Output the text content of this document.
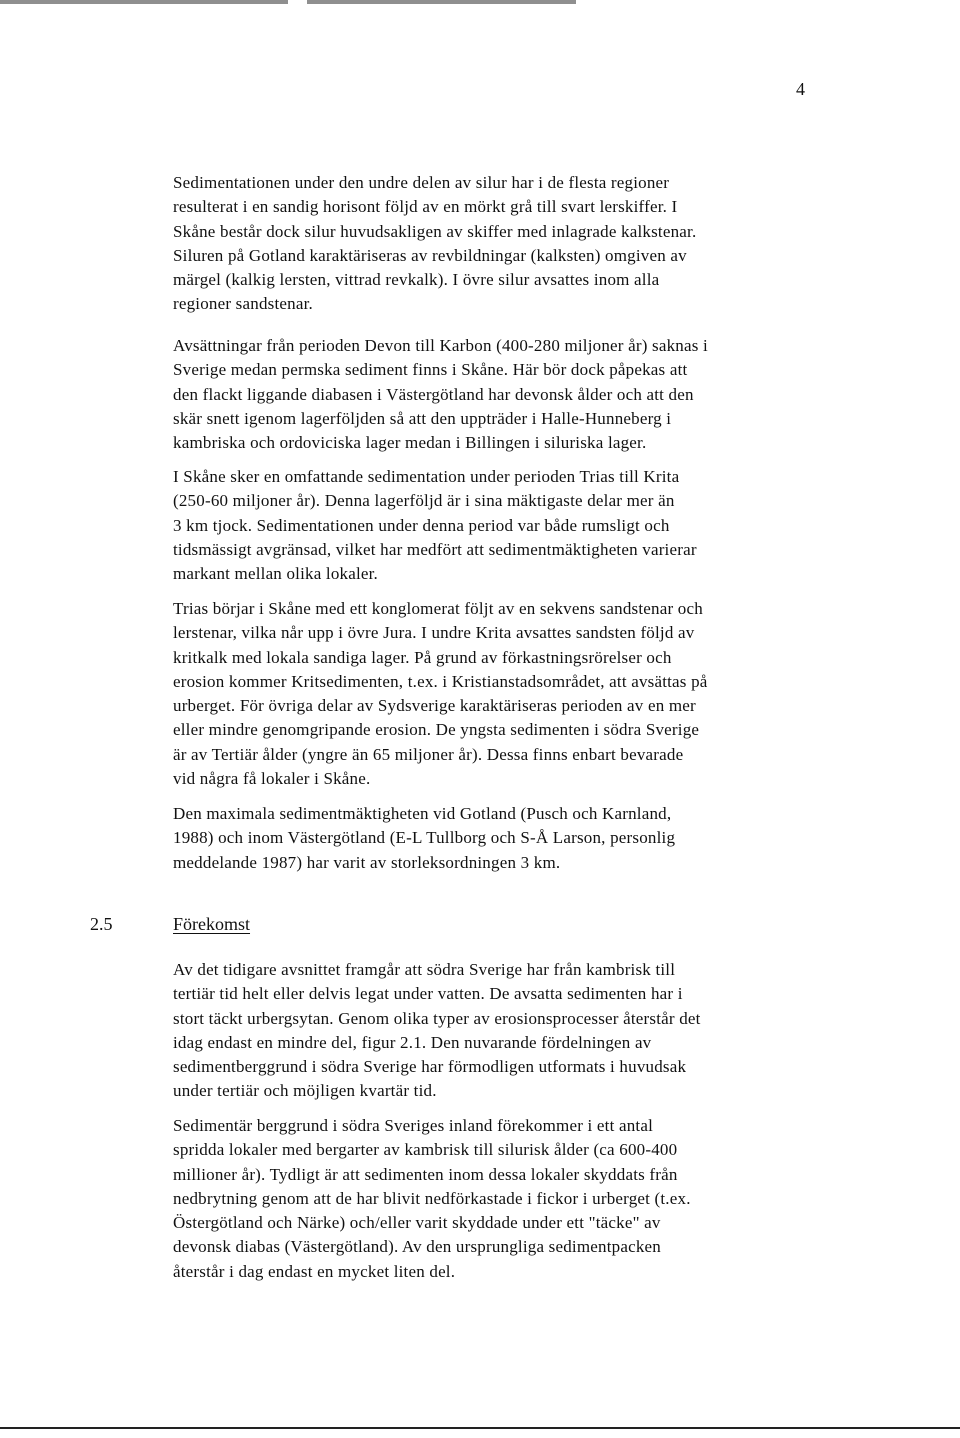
4

Sedimentationen under den undre delen av silur har i de flesta regioner
resulterat i en sandig horisont följd av en mörkt grå till svart lerskiffer. I
Skåne består dock silur huvudsakligen av skiffer med inlagrade kalkstenar.
Siluren på Gotland karaktäriseras av revbildningar (kalksten) omgiven av
märgel (kalkig lersten, vittrad revkalk). I övre silur avsattes inom alla
regioner sandstenar.

Avsättningar från perioden Devon till Karbon (400-280 miljoner år) saknas i
Sverige medan permska sediment finns i Skåne. Här bör dock påpekas att
den flackt liggande diabasen i Västergötland har devonsk ålder och att den
skär snett igenom lagerföljden så att den uppträder i Halle-Hunneberg i
kambriska och ordoviciska lager medan i Billingen i siluriska lager.

I Skåne sker en omfattande sedimentation under perioden Trias till Krita
(250-60 miljoner år). Denna lagerföljd är i sina mäktigaste delar mer än
3 km tjock. Sedimentationen under denna period var både rumsligt och
tidsmässigt avgränsad, vilket har medfört att sedimentmäktigheten varierar
markant mellan olika lokaler.

Trias börjar i Skåne med ett konglomerat följt av en sekvens sandstenar och
lerstenar, vilka når upp i övre Jura. I undre Krita avsattes sandsten följd av
kritkalk med lokala sandiga lager. På grund av förkastningsrörelser och
erosion kommer Kritsedimenten, t.ex. i Kristianstadsområdet, att avsättas på
urberget. För övriga delar av Sydsverige karaktäriseras perioden av en mer
eller mindre genomgripande erosion. De yngsta sedimenten i södra Sverige
är av Tertiär ålder (yngre än 65 miljoner år). Dessa finns enbart bevarade
vid några få lokaler i Skåne.

Den maximala sedimentmäktigheten vid Gotland (Pusch och Karnland,
1988) och inom Västergötland (E-L Tullborg och S-Å Larson, personlig
meddelande 1987) har varit av storleksordningen 3 km.

2.5	Förekomst

Av det tidigare avsnittet framgår att södra Sverige har från kambrisk till
tertiär tid helt eller delvis legat under vatten. De avsatta sedimenten har i
stort täckt urbergsytan. Genom olika typer av erosionsprocesser återstår det
idag endast en mindre del, figur 2.1. Den nuvarande fördelningen av
sedimentberggrund i södra Sverige har förmodligen utformats i huvudsak
under tertiär och möjligen kvartär tid.

Sedimentär berggrund i södra Sveriges inland förekommer i ett antal
spridda lokaler med bergarter av kambrisk till silurisk ålder (ca 600-400
millioner år). Tydligt är att sedimenten inom dessa lokaler skyddats från
nedbrytning genom att de har blivit nedförkastade i fickor i urberget (t.ex.
Östergötland och Närke) och/eller varit skyddade under ett "täcke" av
devonsk diabas (Västergötland). Av den ursprungliga sedimentpacken
återstår i dag endast en mycket liten del.
